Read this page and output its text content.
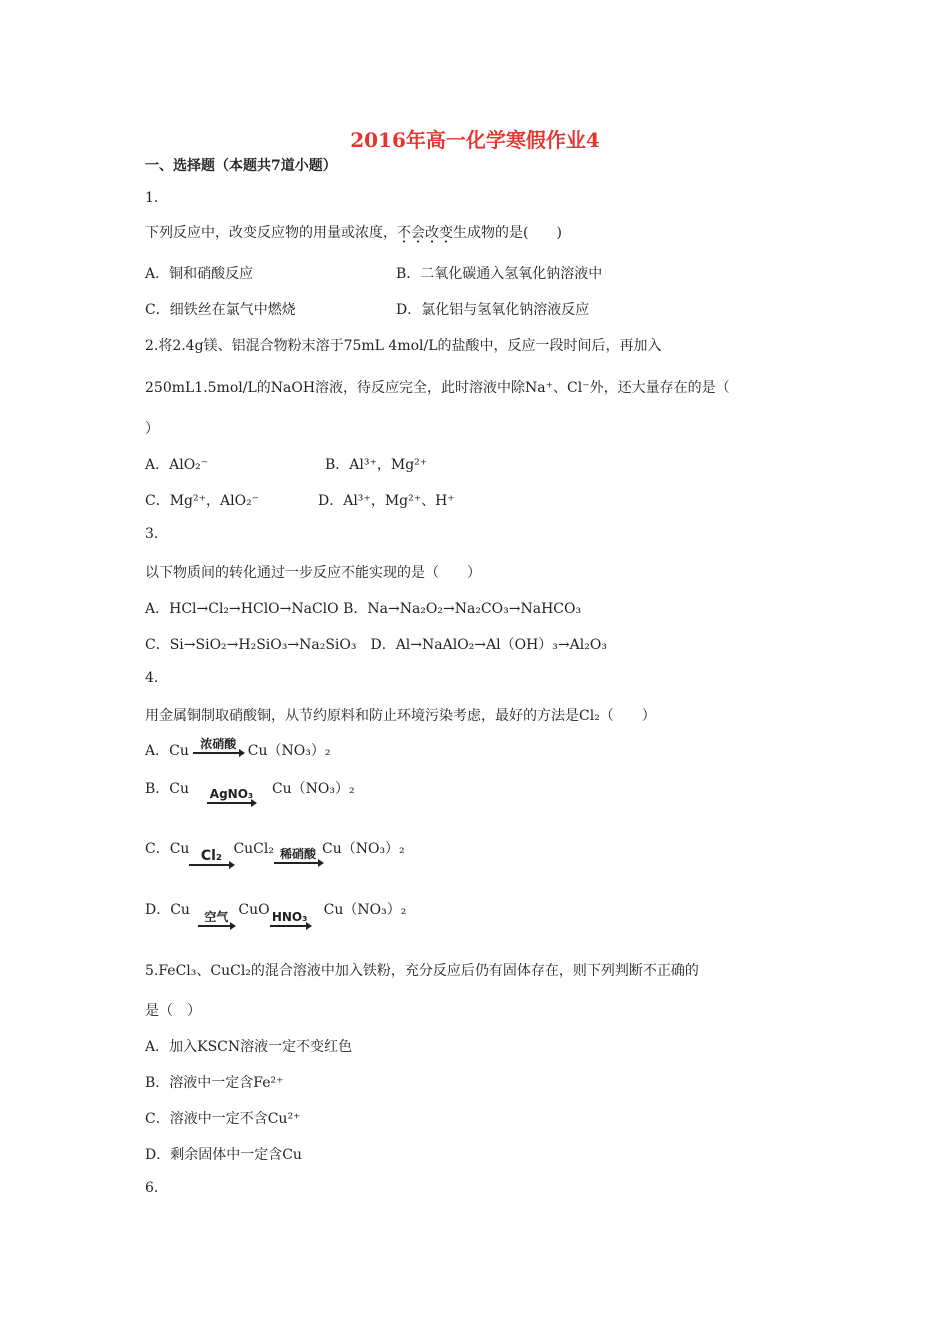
2016年高一化学寒假作业4
一、选择题（本题共7道小题）
1.
下列反应中，改变反应物的用量或浓度，不会改变生成物的是(　　)
A．铜和硝酸反应	B．二氧化碳通入氢氧化钠溶液中
C．细铁丝在氯气中燃烧	D．氯化铝与氢氧化钠溶液反应
2.将2.4g镁、铝混合物粉末溶于75mL 4mol/L的盐酸中，反应一段时间后，再加入
250mL1.5mol/L的NaOH溶液，待反应完全，此时溶液中除Na⁺、Cl⁻外，还大量存在的是（
）
A．AlO₂⁻	B．Al³⁺，Mg²⁺
C．Mg²⁺，AlO₂⁻	D．Al³⁺，Mg²⁺、H⁺
3.
以下物质间的转化通过一步反应不能实现的是（　　）
A．HCl→Cl₂→HClO→NaClO B．Na→Na₂O₂→Na₂CO₃→NaHCO₃
C．Si→SiO₂→H₂SiO₃→Na₂SiO₃　D．Al→NaAlO₂→Al（OH）₃→Al₂O₃
4.
用金属铜制取硝酸铜，从节约原料和防止环境污染考虑，最好的方法是Cl₂（　　）
A．Cu 浓硝酸 Cu（NO₃）₂
B．Cu AgNO₃ Cu（NO₃）₂
C．Cu Cl₂ CuCl₂ 稀硝酸 Cu（NO₃）₂
D．Cu	空气 CuO HNO₃ Cu（NO₃）₂
5.FeCl₃、CuCl₂的混合溶液中加入铁粉，充分反应后仍有固体存在，则下列判断不正确的
是（　）
A．加入KSCN溶液一定不变红色
B．溶液中一定含Fe²⁺
C．溶液中一定不含Cu²⁺
D．剩余固体中一定含Cu
6.
